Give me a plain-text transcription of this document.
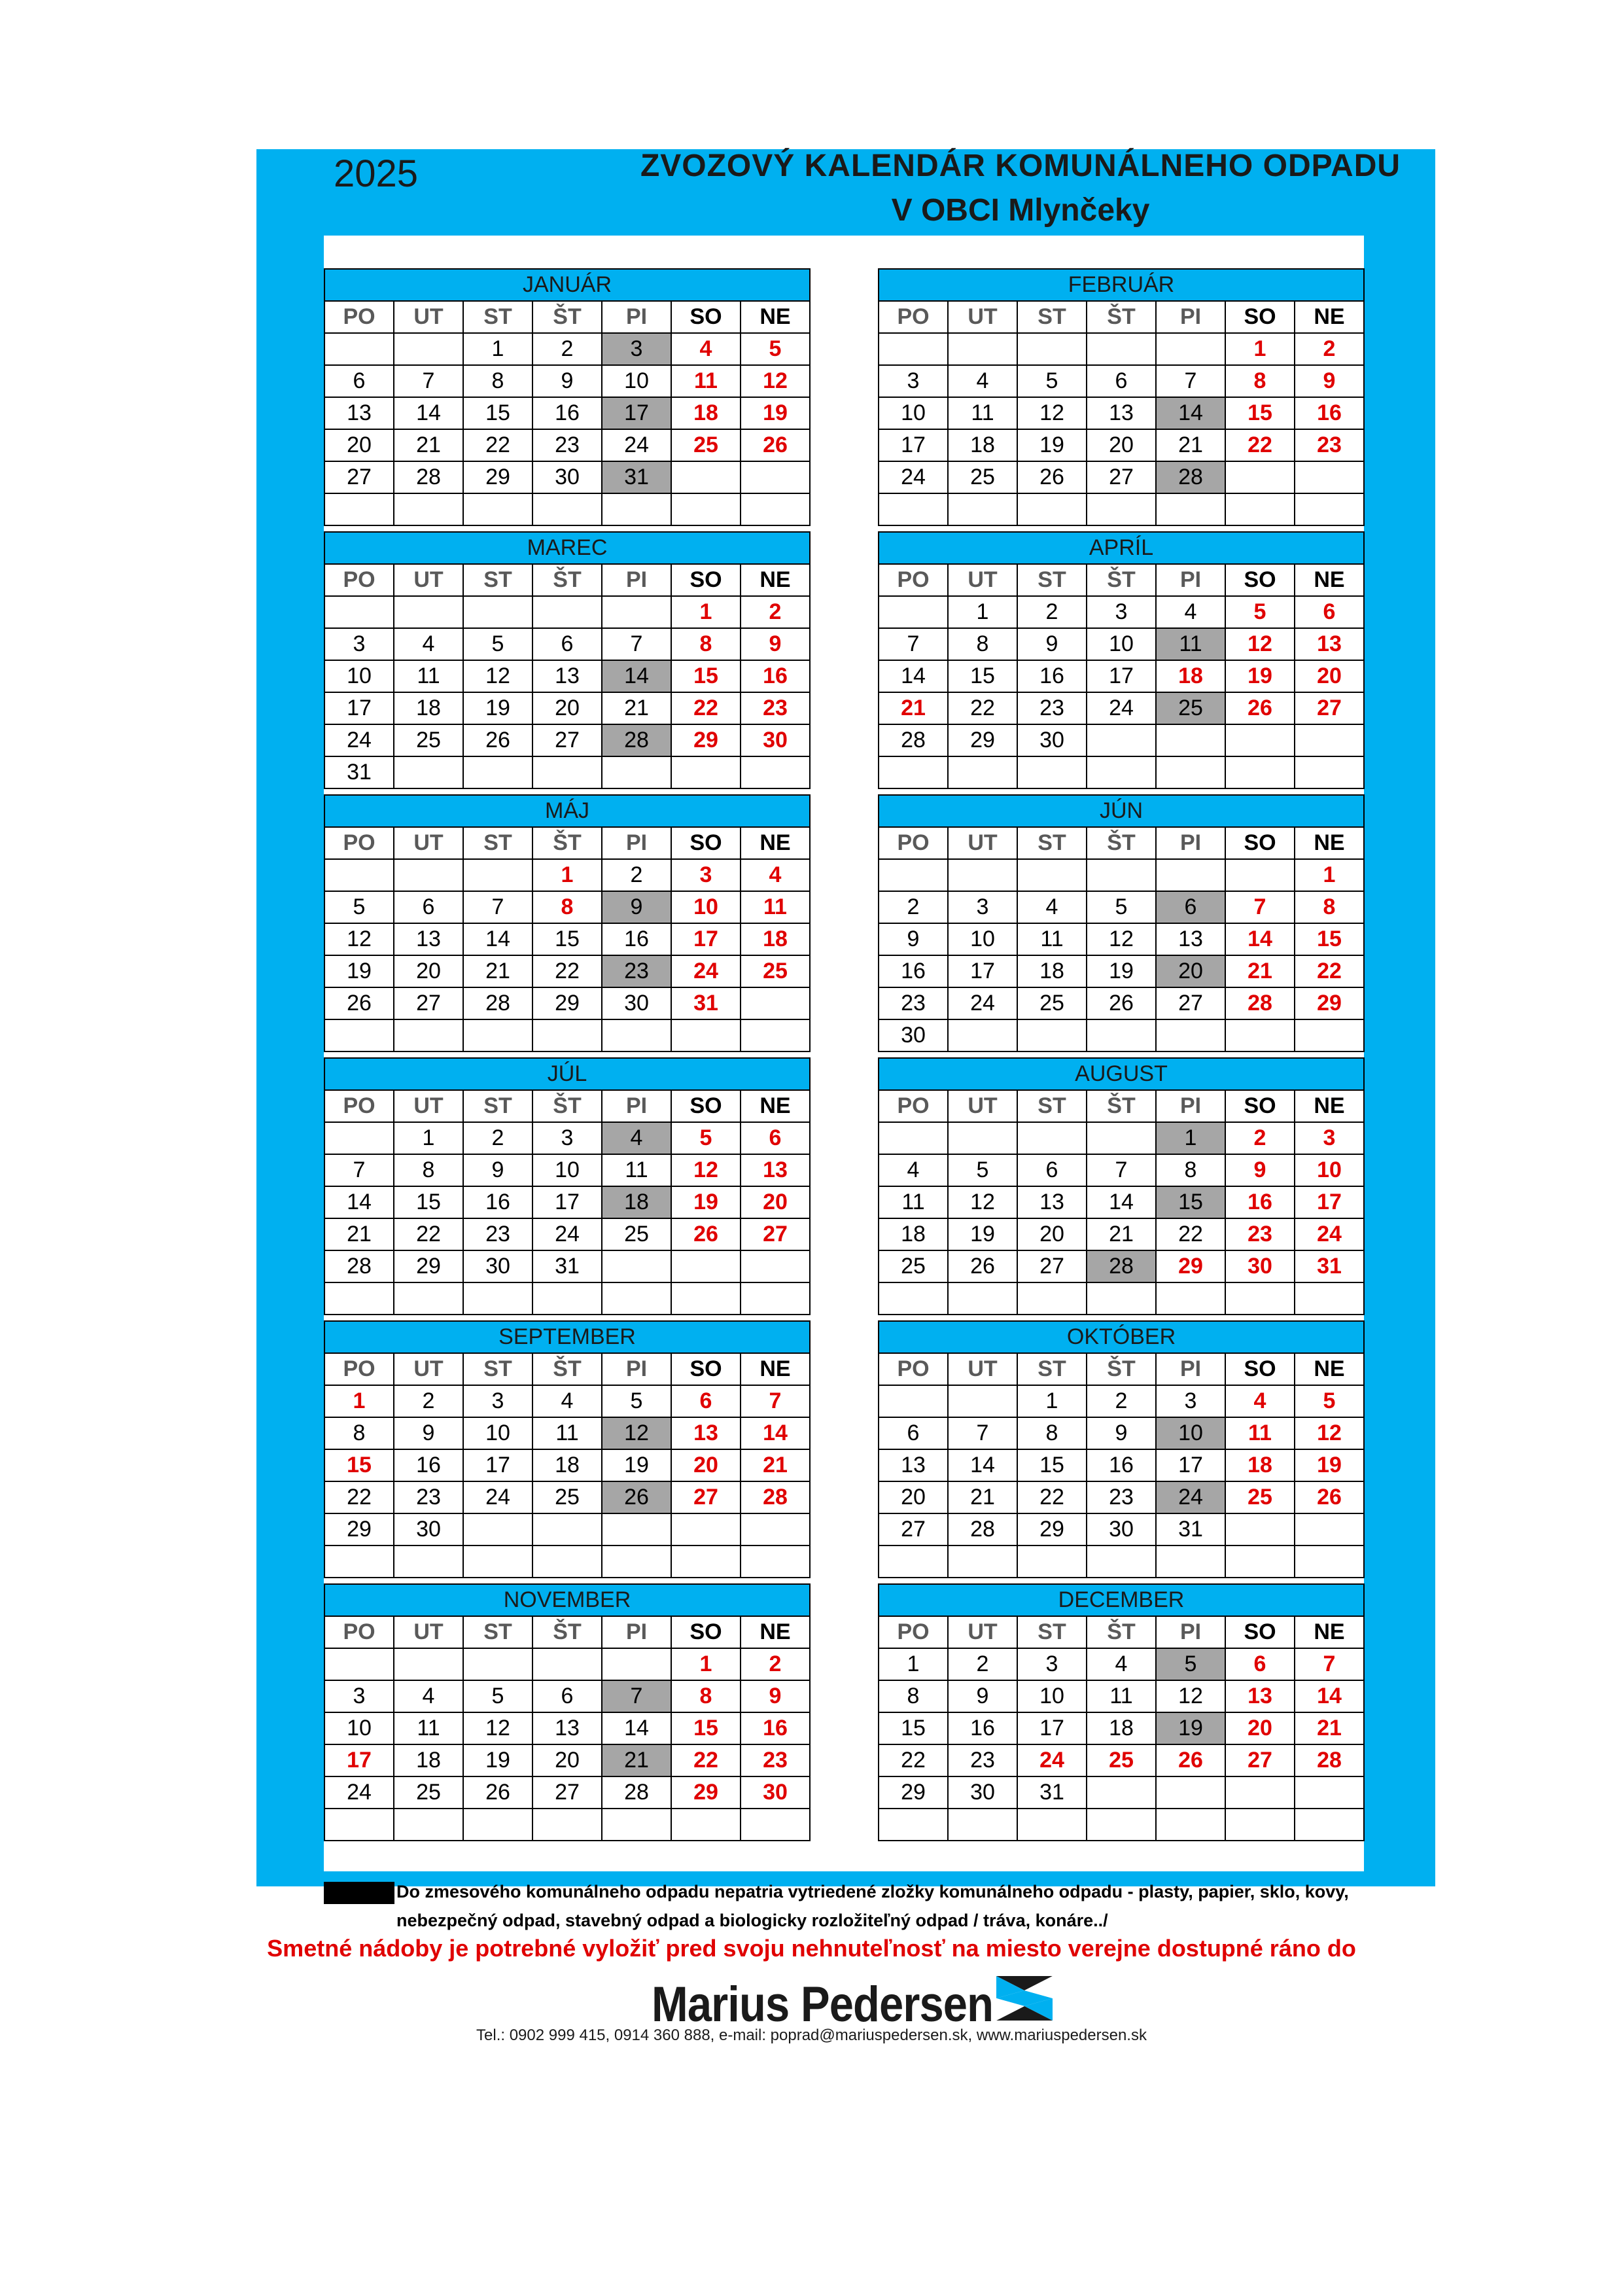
2025	ZVOZOVÝ KALENDÁR KOMUNÁLNEHO ODPADU
V OBCI Mlynčeky
JANUÁR						
PO	UT	ST	ŠT	PI	SO	NE
		1	2	3	4	5
6	7	8	9	10	11	12
13	14	15	16	17	18	19
20	21	22	23	24	25	26
27	28	29	30	31		

FEBRUÁR						
PO	UT	ST	ŠT	PI	SO	NE
					1	2
3	4	5	6	7	8	9
10	11	12	13	14	15	16
17	18	19	20	21	22	23
24	25	26	27	28		

MAREC						
PO	UT	ST	ŠT	PI	SO	NE
					1	2
3	4	5	6	7	8	9
10	11	12	13	14	15	16
17	18	19	20	21	22	23
24	25	26	27	28	29	30
31						
APRÍL						
PO	UT	ST	ŠT	PI	SO	NE
	1	2	3	4	5	6
7	8	9	10	11	12	13
14	15	16	17	18	19	20
21	22	23	24	25	26	27
28	29	30				

MÁJ						
PO	UT	ST	ŠT	PI	SO	NE
			1	2	3	4
5	6	7	8	9	10	11
12	13	14	15	16	17	18
19	20	21	22	23	24	25
26	27	28	29	30	31	

JÚN						
PO	UT	ST	ŠT	PI	SO	NE
						1
2	3	4	5	6	7	8
9	10	11	12	13	14	15
16	17	18	19	20	21	22
23	24	25	26	27	28	29
30						
JÚL						
PO	UT	ST	ŠT	PI	SO	NE
	1	2	3	4	5	6
7	8	9	10	11	12	13
14	15	16	17	18	19	20
21	22	23	24	25	26	27
28	29	30	31			

AUGUST						
PO	UT	ST	ŠT	PI	SO	NE
				1	2	3
4	5	6	7	8	9	10
11	12	13	14	15	16	17
18	19	20	21	22	23	24
25	26	27	28	29	30	31

SEPTEMBER						
PO	UT	ST	ŠT	PI	SO	NE
1	2	3	4	5	6	7
8	9	10	11	12	13	14
15	16	17	18	19	20	21
22	23	24	25	26	27	28
29	30					

OKTÓBER						
PO	UT	ST	ŠT	PI	SO	NE
		1	2	3	4	5
6	7	8	9	10	11	12
13	14	15	16	17	18	19
20	21	22	23	24	25	26
27	28	29	30	31		

NOVEMBER						
PO	UT	ST	ŠT	PI	SO	NE
					1	2
3	4	5	6	7	8	9
10	11	12	13	14	15	16
17	18	19	20	21	22	23
24	25	26	27	28	29	30

DECEMBER						
PO	UT	ST	ŠT	PI	SO	NE
1	2	3	4	5	6	7
8	9	10	11	12	13	14
15	16	17	18	19	20	21
22	23	24	25	26	27	28
29	30	31				

Do zmesového komunálneho odpadu nepatria vytriedené zložky komunálneho odpadu - plasty, papier, sklo, kovy,
nebezpečný odpad, stavebný odpad a biologicky rozložiteľný odpad / tráva, konáre../
Smetné nádoby je potrebné vyložiť pred svoju nehnuteľnosť na miesto verejne dostupné ráno do
Marius Pedersen
Tel.: 0902 999 415, 0914 360 888, e-mail: poprad@mariuspedersen.sk, www.mariuspedersen.sk
